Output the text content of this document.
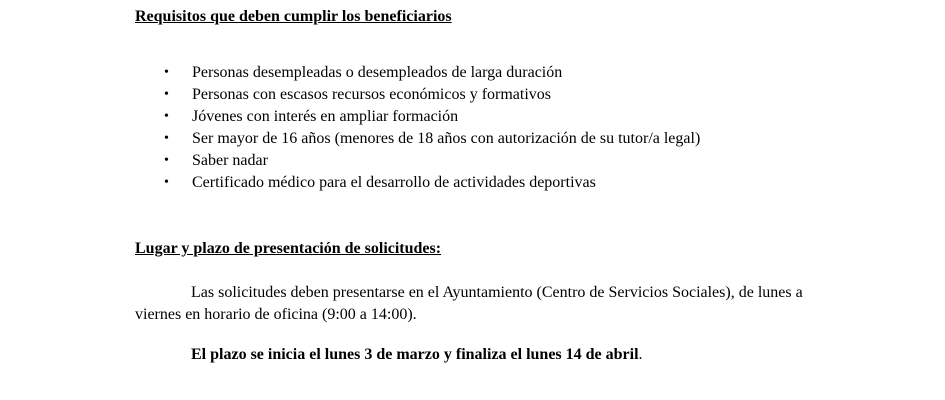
Requisitos que deben cumplir los beneficiarios
• Personas desempleadas o desempleados de larga duración
• Personas con escasos recursos económicos y formativos
• Jóvenes con interés en ampliar formación
• Ser mayor de 16 años (menores de 18 años con autorización de su tutor/a legal)
• Saber nadar
• Certificado médico para el desarrollo de actividades deportivas
Lugar y plazo de presentación de solicitudes:
Las solicitudes deben presentarse en el Ayuntamiento (Centro de Servicios Sociales), de lunes a
viernes en horario de oficina (9:00 a 14:00).
El plazo se inicia el lunes 3 de marzo y finaliza el lunes 14 de abril.
